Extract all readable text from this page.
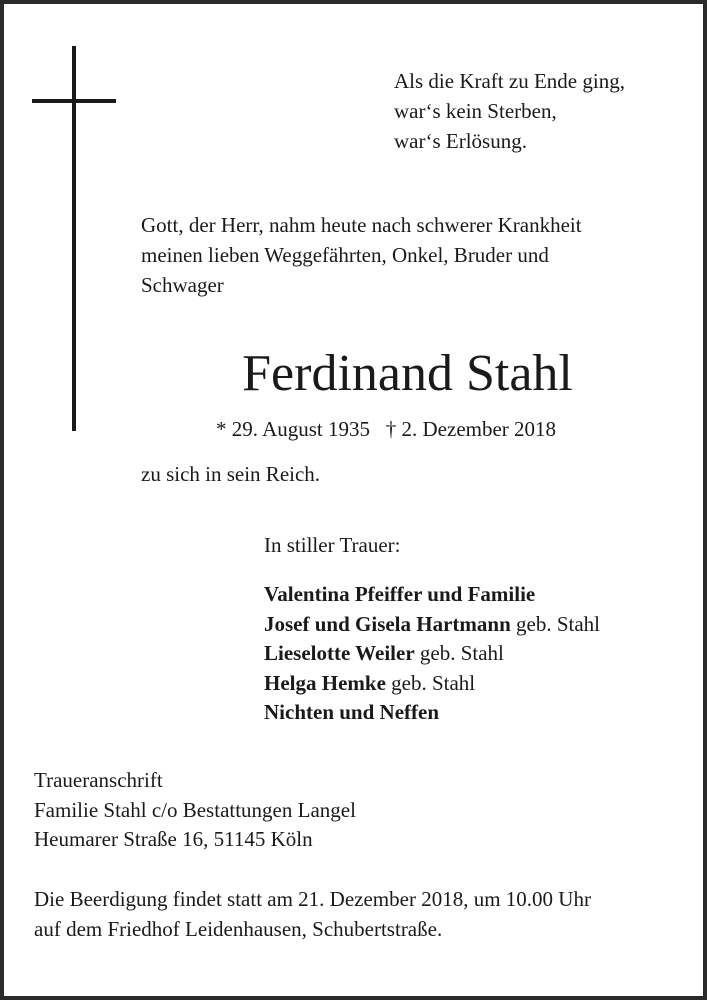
Als die Kraft zu Ende ging,
war‘s kein Sterben,
war‘s Erlösung.
Gott, der Herr, nahm heute nach schwerer Krankheit
meinen lieben Weggefährten, Onkel, Bruder und
Schwager
Ferdinand Stahl
* 29. August 1935 † 2. Dezember 2018
zu sich in sein Reich.
In stiller Trauer:
Valentina Pfeiffer und Familie
Josef und Gisela Hartmann geb. Stahl
Lieselotte Weiler geb. Stahl
Helga Hemke geb. Stahl
Nichten und Neffen
Traueranschrift
Familie Stahl c/o Bestattungen Langel
Heumarer Straße 16, 51145 Köln
Die Beerdigung findet statt am 21. Dezember 2018, um 10.00 Uhr
auf dem Friedhof Leidenhausen, Schubertstraße.
